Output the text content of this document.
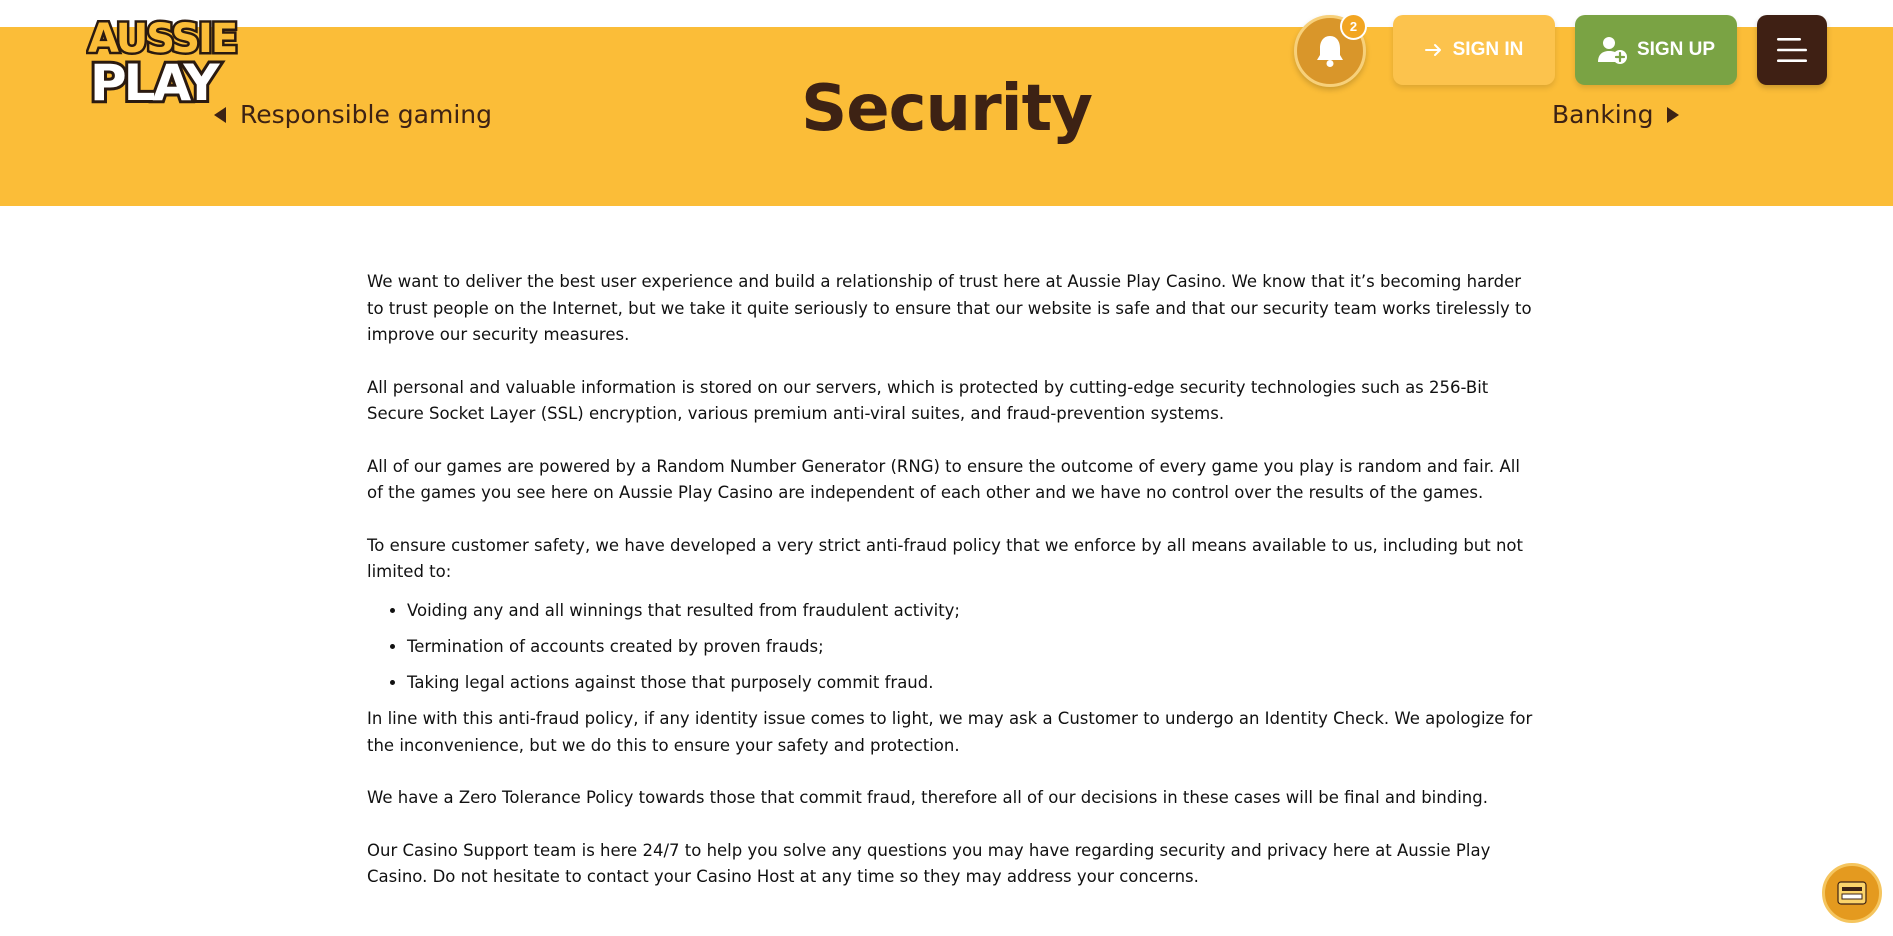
AUSSIE
PLAY
Responsible gaming	Security	Banking
2
SIGN IN	SIGN UP

We want to deliver the best user experience and build a relationship of trust here at Aussie Play Casino. We know that it’s becoming harder to trust people on the Internet, but we take it quite seriously to ensure that our website is safe and that our security team works tirelessly to improve our security measures.

All personal and valuable information is stored on our servers, which is protected by cutting-edge security technologies such as 256-Bit Secure Socket Layer (SSL) encryption, various premium anti-viral suites, and fraud-prevention systems.

All of our games are powered by a Random Number Generator (RNG) to ensure the outcome of every game you play is random and fair. All of the games you see here on Aussie Play Casino are independent of each other and we have no control over the results of the games.

To ensure customer safety, we have developed a very strict anti-fraud policy that we enforce by all means available to us, including but not limited to:

• Voiding any and all winnings that resulted from fraudulent activity;
• Termination of accounts created by proven frauds;
• Taking legal actions against those that purposely commit fraud.

In line with this anti-fraud policy, if any identity issue comes to light, we may ask a Customer to undergo an Identity Check. We apologize for the inconvenience, but we do this to ensure your safety and protection.

We have a Zero Tolerance Policy towards those that commit fraud, therefore all of our decisions in these cases will be final and binding.

Our Casino Support team is here 24/7 to help you solve any questions you may have regarding security and privacy here at Aussie Play Casino. Do not hesitate to contact your Casino Host at any time so they may address your concerns.
